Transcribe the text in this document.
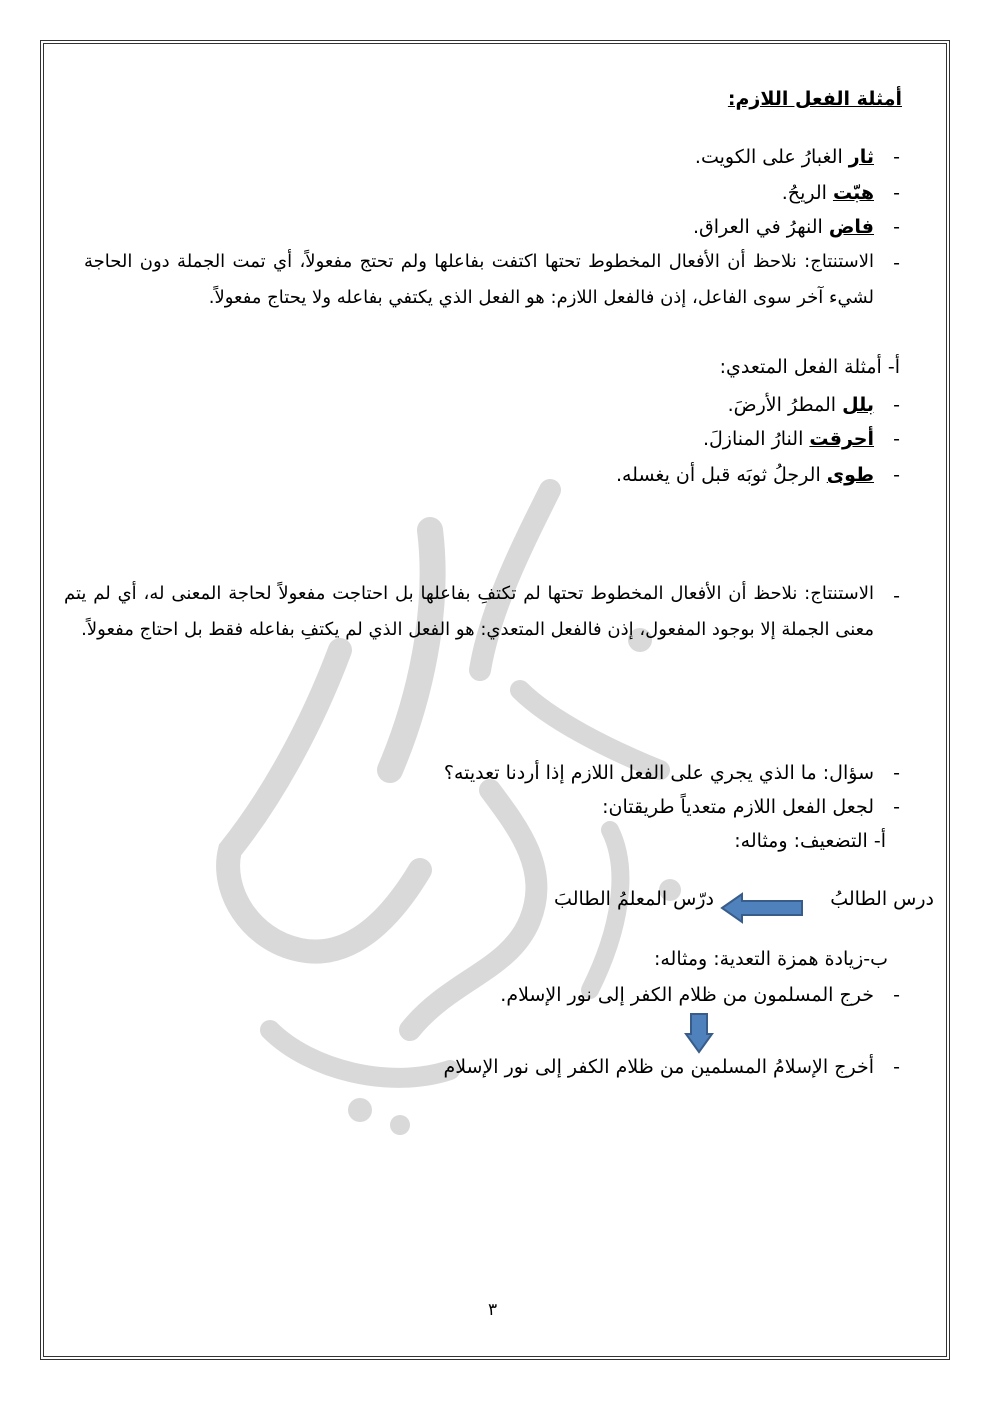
أمثلة الفعل اللازم:
-
ثار الغبارُ على الكويت.
-
هبّت الريحُ.
-
فاض النهرُ في العراق.
-
الاستنتاج: نلاحظ أن الأفعال المخطوط تحتها اكتفت بفاعلها ولم تحتج مفعولاً، أي تمت الجملة دون الحاجة لشيء آخر سوى الفاعل، إذن فالفعل اللازم: هو الفعل الذي يكتفي بفاعله ولا يحتاج مفعولاً.
أ- أمثلة الفعل المتعدي:
-
بلل المطرُ الأرضَ.
-
أحرقت النارُ المنازلَ.
-
طوى الرجلُ ثوبَه قبل أن يغسله.
-
الاستنتاج: نلاحظ أن الأفعال المخطوط تحتها لم تكتفِ بفاعلها بل احتاجت مفعولاً لحاجة المعنى له، أي لم يتم معنى الجملة إلا بوجود المفعول، إذن فالفعل المتعدي: هو الفعل الذي لم يكتفِ بفاعله فقط بل احتاج مفعولاً.
-
سؤال: ما الذي يجري على الفعل اللازم إذا أردنا تعديته؟
-
لجعل الفعل اللازم متعدياً طريقتان:
أ- التضعيف: ومثاله:
درس الطالبُ
درّس المعلمُ الطالبَ
ب-زيادة همزة التعدية: ومثاله:
-
خرج المسلمون من ظلام الكفر إلى نور الإسلام.
-
أخرج الإسلامُ المسلمين من ظلام الكفر إلى نور الإسلام
٣
